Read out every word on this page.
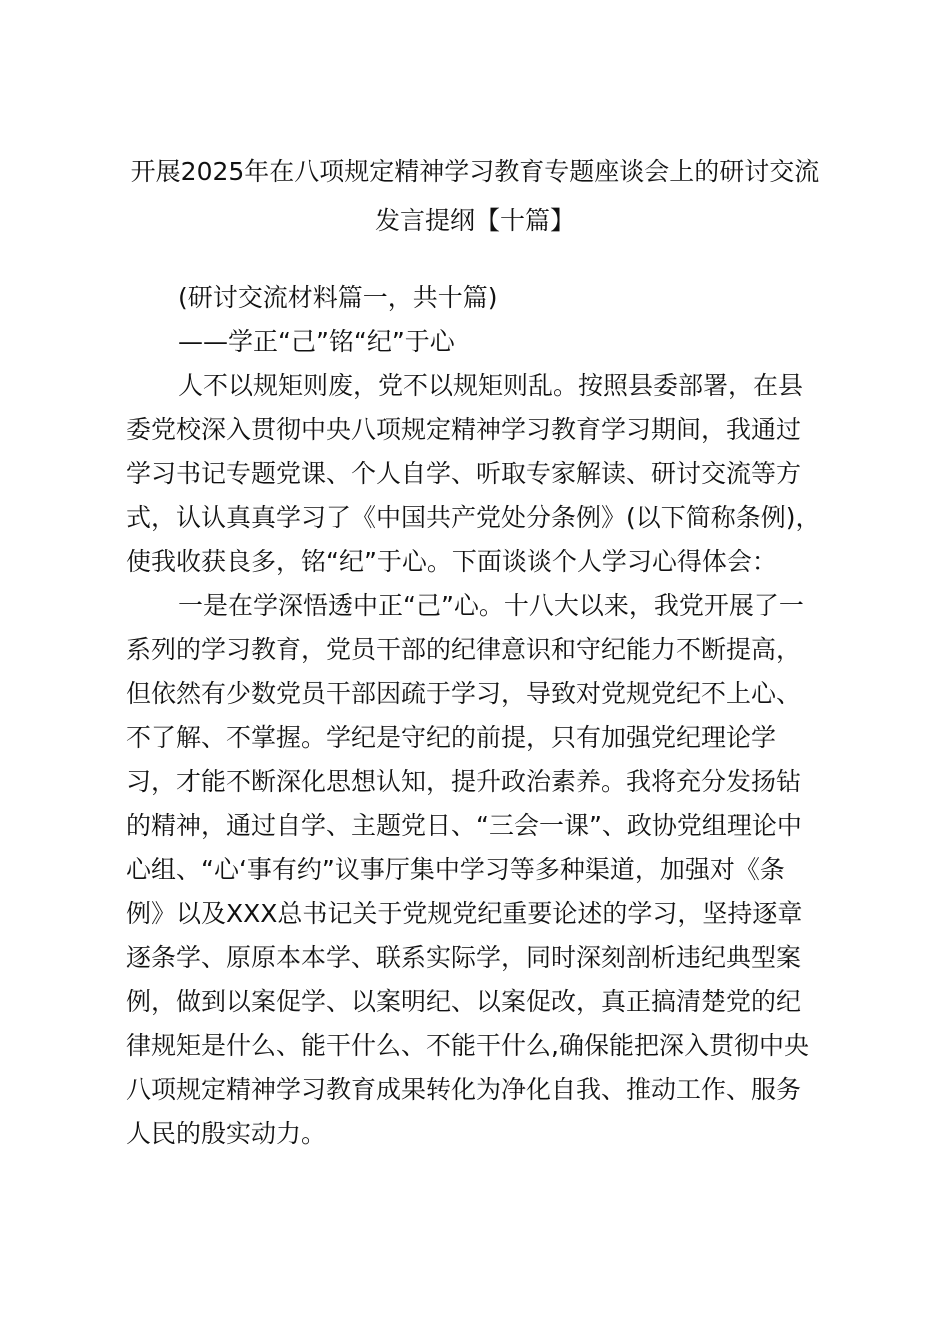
开展2025年在八项规定精神学习教育专题座谈会上的研讨交流
发言提纲【十篇】
(研讨交流材料篇一，共十篇)
——学正“己”铭“纪”于心
人不以规矩则废，党不以规矩则乱。按照县委部署，在县
委党校深入贯彻中央八项规定精神学习教育学习期间，我通过
学习书记专题党课、个人自学、听取专家解读、研讨交流等方
式，认认真真学习了《中国共产党处分条例》(以下简称条例)，
使我收获良多，铭“纪”于心。下面谈谈个人学习心得体会：
一是在学深悟透中正“己”心。十八大以来，我党开展了一
系列的学习教育，党员干部的纪律意识和守纪能力不断提高，
但依然有少数党员干部因疏于学习，导致对党规党纪不上心、
不了解、不掌握。学纪是守纪的前提，只有加强党纪理论学
习，才能不断深化思想认知，提升政治素养。我将充分发扬钻
的精神，通过自学、主题党日、“三会一课”、政协党组理论中
心组、“心‘事有约”议事厅集中学习等多种渠道，加强对《条
例》以及XXX总书记关于党规党纪重要论述的学习，坚持逐章
逐条学、原原本本学、联系实际学，同时深刻剖析违纪典型案
例，做到以案促学、以案明纪、以案促改，真正搞清楚党的纪
律规矩是什么、能干什么、不能干什么,确保能把深入贯彻中央
八项规定精神学习教育成果转化为净化自我、推动工作、服务
人民的殷实动力。
